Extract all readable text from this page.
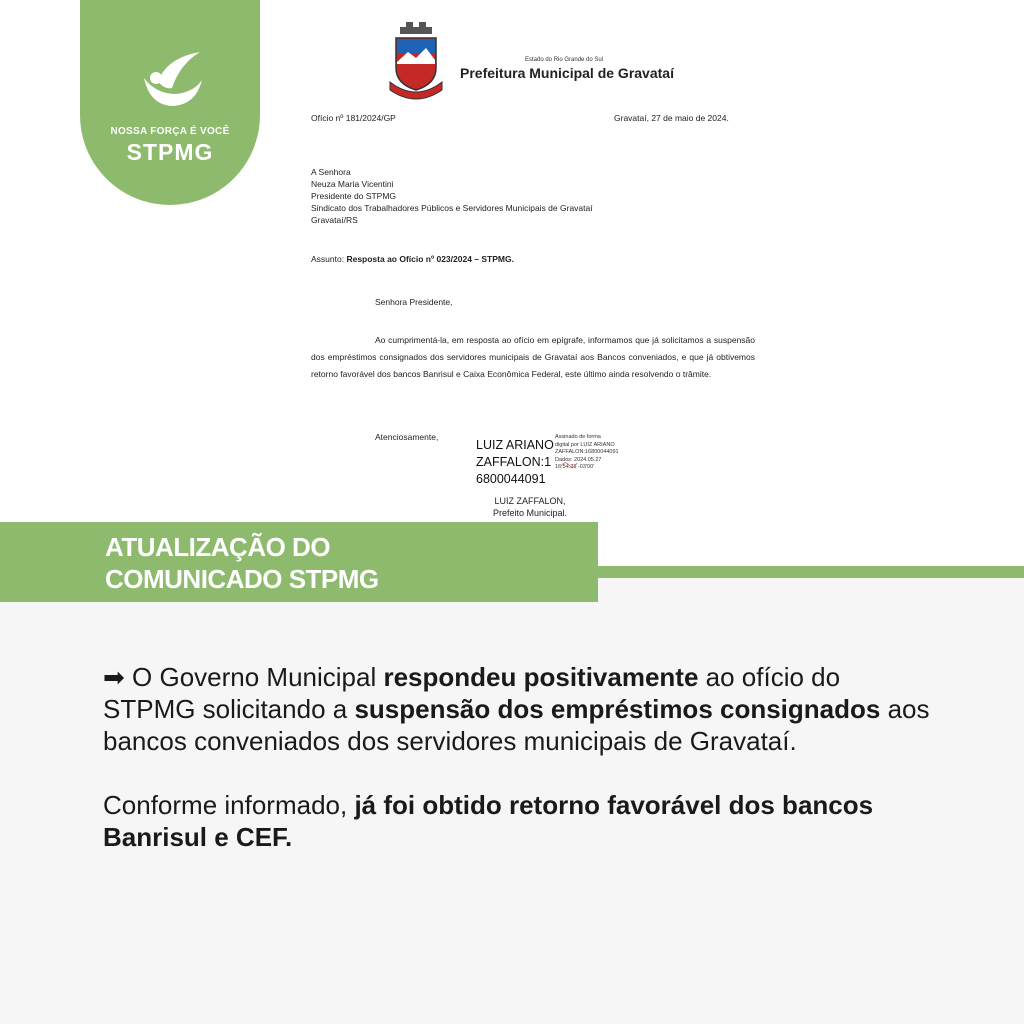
NOSSA FORÇA É VOCÊ
STPMG
Estado do Rio Grande do Sul
Prefeitura Municipal de Gravataí
Ofício nº 181/2024/GP	Gravataí, 27 de maio de 2024.
A Senhora
Neuza Maria Vicentini
Presidente do STPMG
Sindicato dos Trabalhadores Públicos e Servidores Municipais de Gravataí
Gravataí/RS
Assunto: Resposta ao Ofício nº 023/2024 – STPMG.
Senhora Presidente,
Ao cumprimentá-la, em resposta ao ofício em epígrafe, informamos que já solicitamos a suspensão dos empréstimos consignados dos servidores municipais de Gravataí aos Bancos conveniados, e que já obtivemos retorno favorável dos bancos Banrisul e Caixa Econômica Federal, este último ainda resolvendo o trâmite.
Atenciosamente,
LUIZ ARIANO
ZAFFALON:1
6800044091
Assinado de forma
digital por LUIZ ARIANO
ZAFFALON:16800044091
Dados: 2024.05.27
16:54:28 -03'00'
LUIZ ZAFFALON,
Prefeito Municipal.
ATUALIZAÇÃO DO
COMUNICADO STPMG

➡ O Governo Municipal respondeu positivamente ao ofício do STPMG solicitando a suspensão dos empréstimos consignados aos bancos conveniados dos servidores municipais de Gravataí.

Conforme informado, já foi obtido retorno favorável dos bancos Banrisul e CEF.
